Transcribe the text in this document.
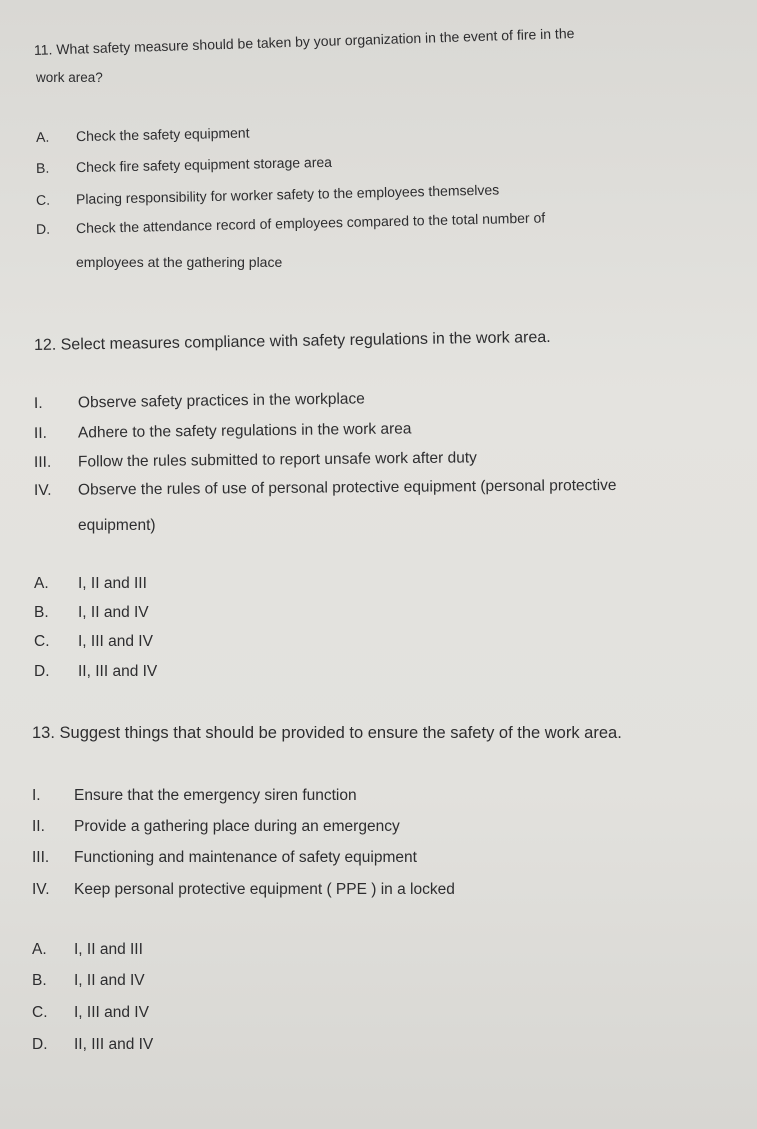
11. What safety measure should be taken by your organization in the event of fire in the
work area?
A. Check the safety equipment
B. Check fire safety equipment storage area
C. Placing responsibility for worker safety to the employees themselves
D. Check the attendance record of employees compared to the total number of
employees at the gathering place
12. Select measures compliance with safety regulations in the work area.
I. Observe safety practices in the workplace
II. Adhere to the safety regulations in the work area
III. Follow the rules submitted to report unsafe work after duty
IV. Observe the rules of use of personal protective equipment (personal protective
equipment)
A. I, II and III
B. I, II and IV
C. I, III and IV
D. II, III and IV
13. Suggest things that should be provided to ensure the safety of the work area.
I. Ensure that the emergency siren function
II. Provide a gathering place during an emergency
III. Functioning and maintenance of safety equipment
IV. Keep personal protective equipment ( PPE ) in a locked
A. I, II and III
B. I, II and IV
C. I, III and IV
D. II, III and IV
